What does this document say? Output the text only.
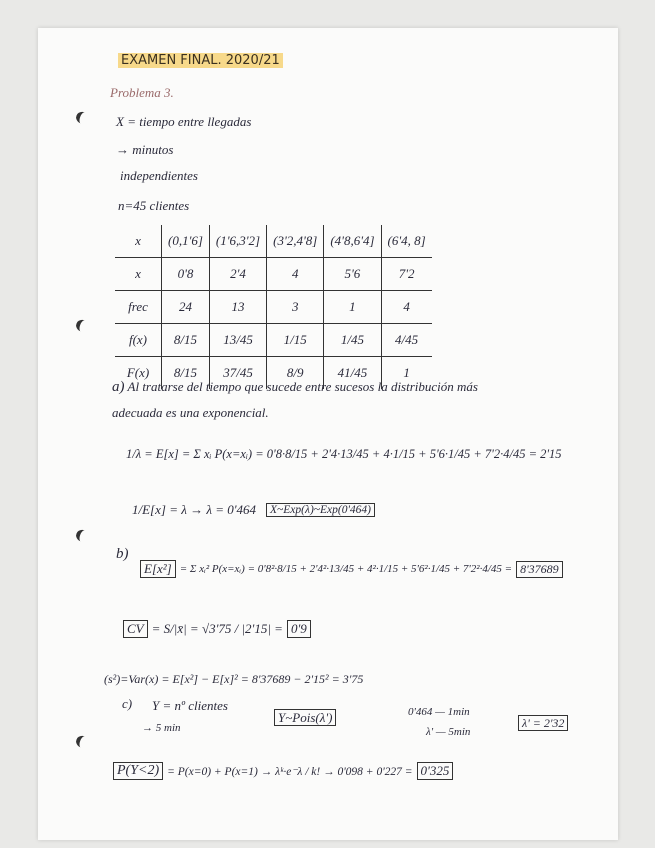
EXAMEN FINAL. 2020/21
Problema 3.
X = tiempo entre llegadas
→ minutos
independientes
n=45 clientes
x	(0,1'6]	(1'6,3'2]	(3'2,4'8]	(4'8,6'4]	(6'4, 8]
x	0'8	2'4	4	5'6	7'2
frec	24	13	3	1	4
f(x)	8/15	13/45	1/15	1/45	4/45
F(x)	8/15	37/45	8/9	41/45	1
a) Al tratarse del tiempo que sucede entre sucesos la distribución más
adecuada es una exponencial.
1/λ = E[x] = Σ xᵢ P(x=xᵢ) = 0'8·8/15 + 2'4·13/45 + 4·1/15 + 5'6·1/45 + 7'2·4/45 = 2'15
1/E[x] = λ → λ = 0'464	X~Exp(λ)~Exp(0'464)
b)
E[x²] = Σ xᵢ² P(x=xᵢ) = 0'8²·8/15 + 2'4²·13/45 + 4²·1/15 + 5'6²·1/45 + 7'2²·4/45 = 8'37689
CV = S/|x̄| = √3'75 / |2'15| = 0'9
(s²)=Var(x) = E[x²] − E[x]² = 8'37689 − 2'15² = 3'75
c) Y = nº clientes
→ 5 min
Y~Pois(λ')	0'464 — 1min
λ' — 5min
λ' = 2'32
P(Y<2) = P(x=0) + P(x=1) → λᵏ·e⁻λ / k! → 0'098 + 0'227 = 0'325
